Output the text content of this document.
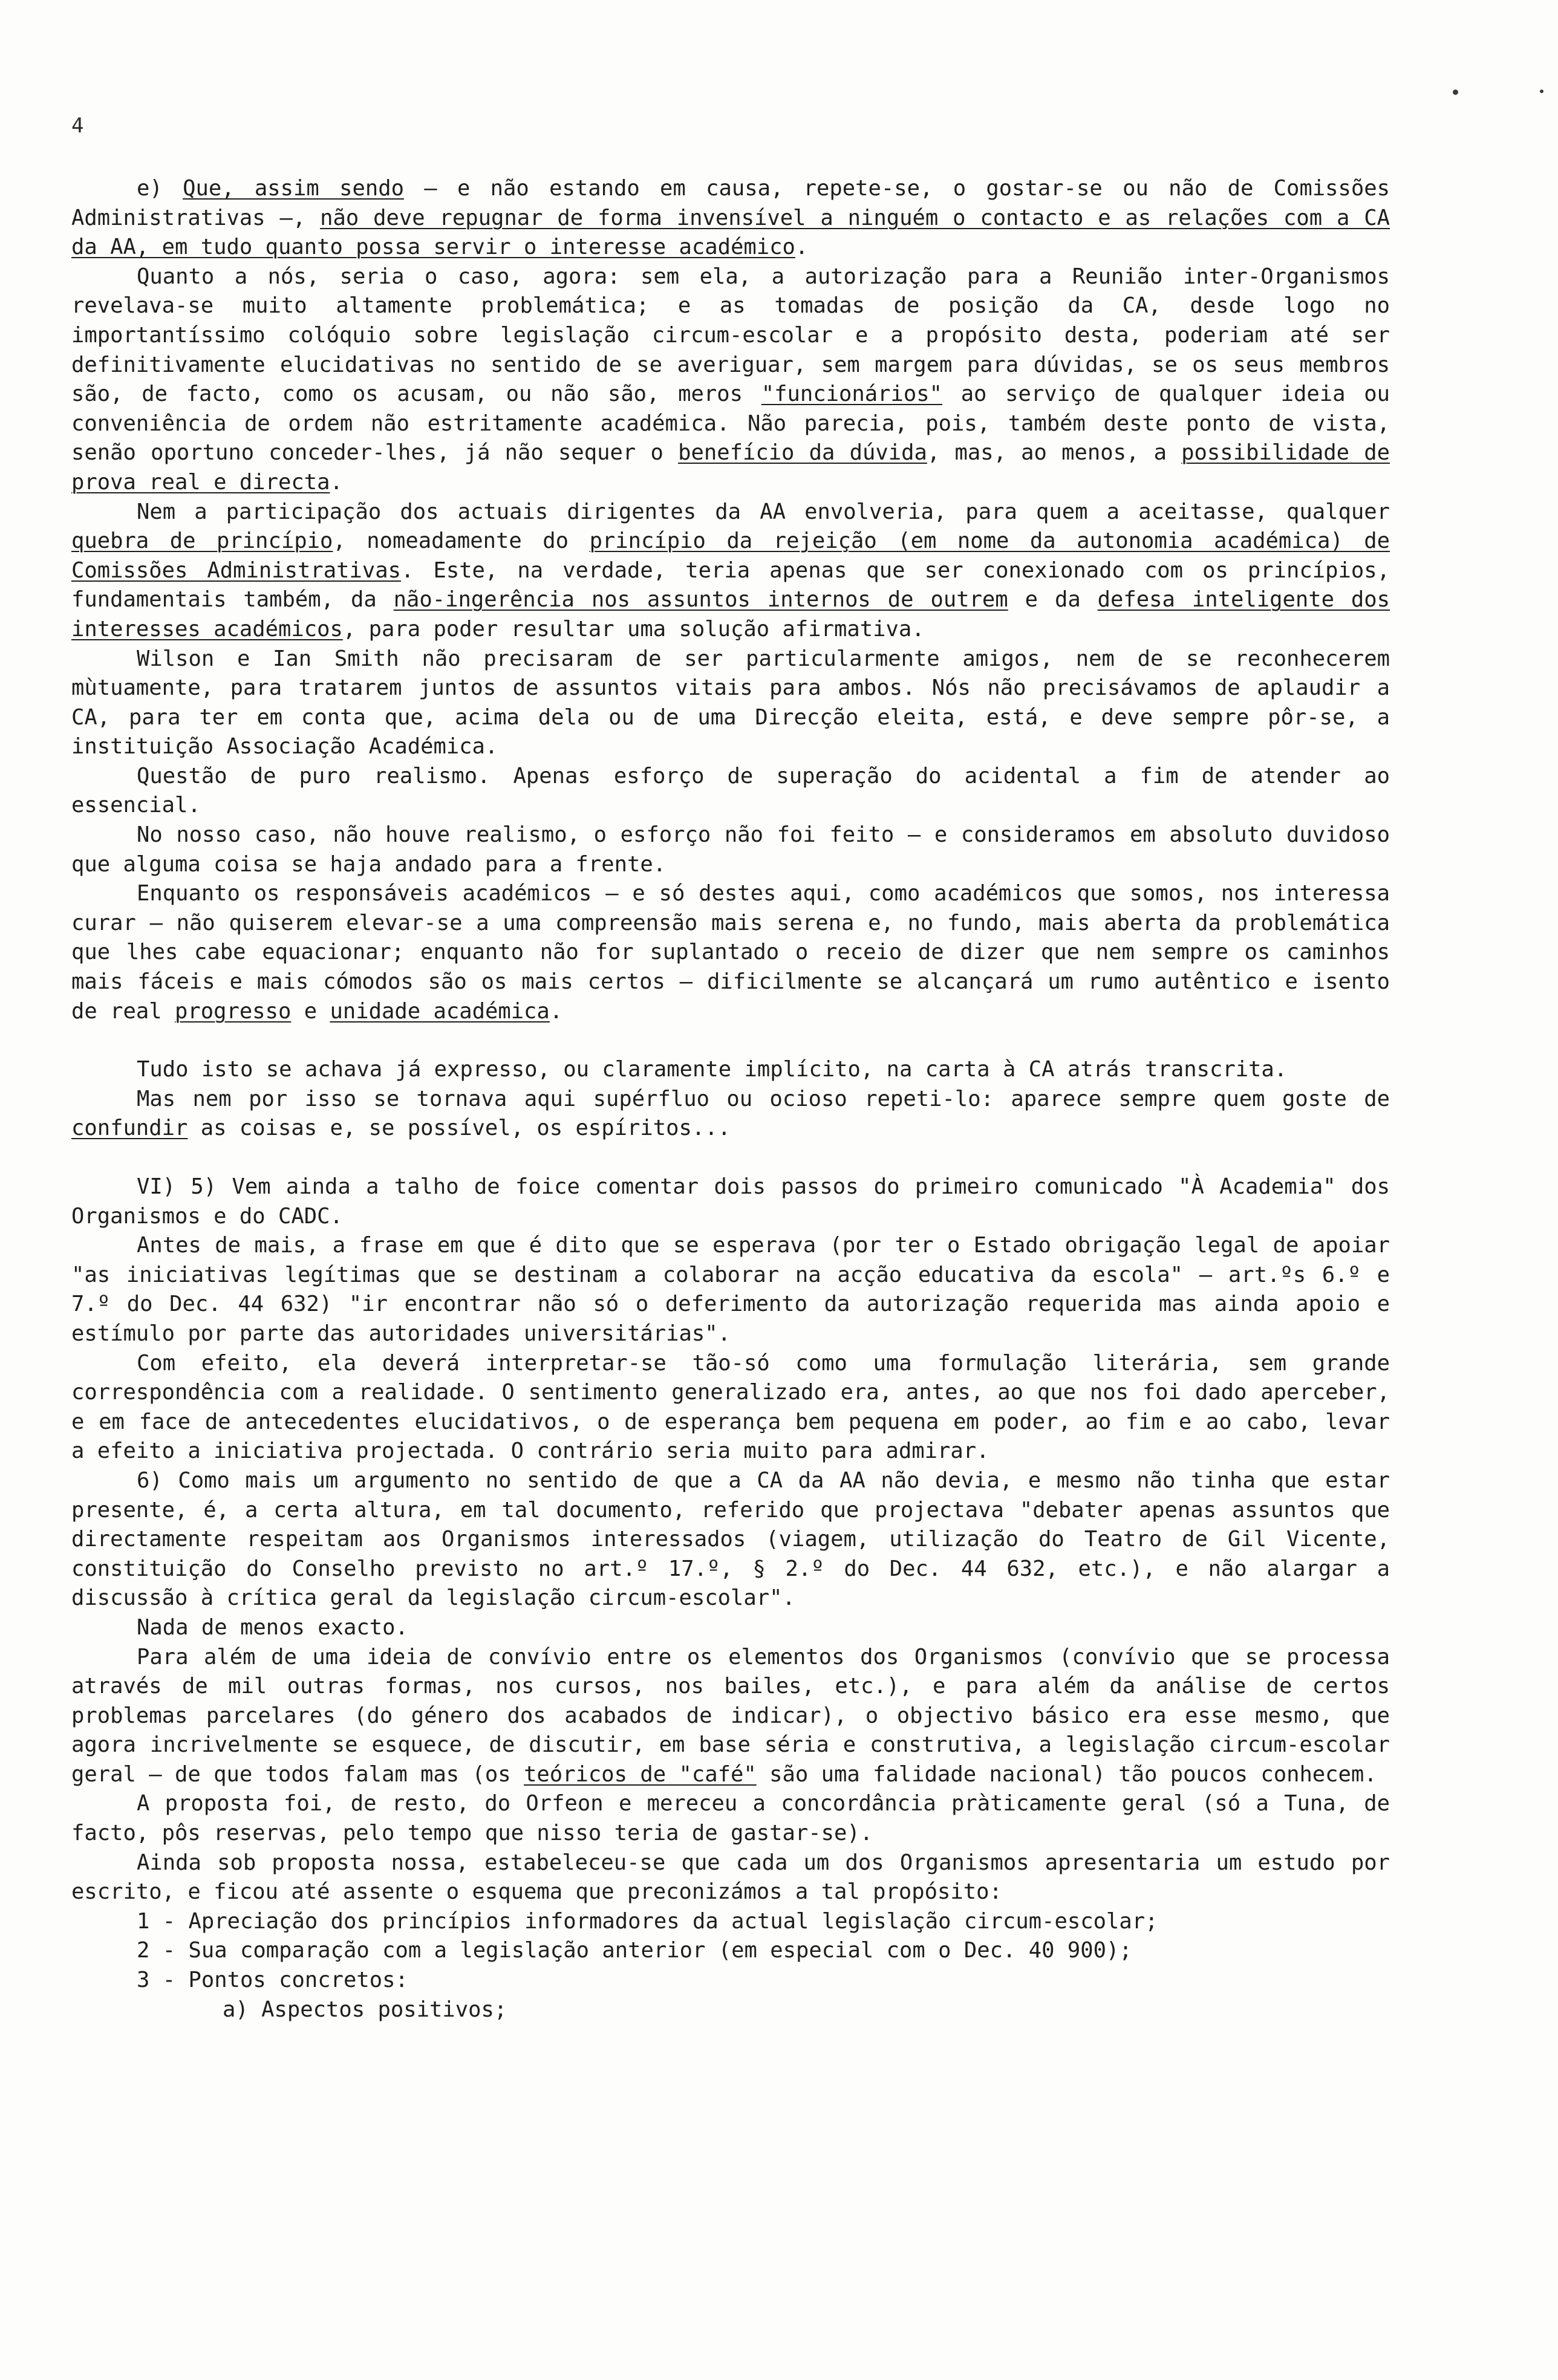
4

e) Que, assim sendo — e não estando em causa, repete-se, o gostar-se ou não de Comissões Administrativas —, não deve repugnar de forma invensível a ninguém o contacto e as relações com a CA da AA, em tudo quanto possa servir o interesse académico.

Quanto a nós, seria o caso, agora: sem ela, a autorização para a Reunião inter-Organismos revelava-se muito altamente problemática; e as tomadas de posição da CA, desde logo no importantíssimo colóquio sobre legislação circum-escolar e a propósito desta, poderiam até ser definitivamente elucidativas no sentido de se averiguar, sem margem para dúvidas, se os seus membros são, de facto, como os acusam, ou não são, meros "funcionários" ao serviço de qualquer ideia ou conveniência de ordem não estritamente académica. Não parecia, pois, também deste ponto de vista, senão oportuno conceder-lhes, já não sequer o benefício da dúvida, mas, ao menos, a possibilidade de prova real e directa.

Nem a participação dos actuais dirigentes da AA envolveria, para quem a aceitasse, qualquer quebra de princípio, nomeadamente do princípio da rejeição (em nome da autonomia académica) de Comissões Administrativas. Este, na verdade, teria apenas que ser conexionado com os princípios, fundamentais também, da não-ingerência nos assuntos internos de outrem e da defesa inteligente dos interesses académicos, para poder resultar uma solução afirmativa.

Wilson e Ian Smith não precisaram de ser particularmente amigos, nem de se reconhecerem mùtuamente, para tratarem juntos de assuntos vitais para ambos. Nós não precisávamos de aplaudir a CA, para ter em conta que, acima dela ou de uma Direcção eleita, está, e deve sempre pôr-se, a instituição Associação Académica.

Questão de puro realismo. Apenas esforço de superação do acidental a fim de atender ao essencial.

No nosso caso, não houve realismo, o esforço não foi feito — e consideramos em absoluto duvidoso que alguma coisa se haja andado para a frente.

Enquanto os responsáveis académicos — e só destes aqui, como académicos que somos, nos interessa curar — não quiserem elevar-se a uma compreensão mais serena e, no fundo, mais aberta da problemática que lhes cabe equacionar; enquanto não for suplantado o receio de dizer que nem sempre os caminhos mais fáceis e mais cómodos são os mais certos — dificilmente se alcançará um rumo autêntico e isento de real progresso e unidade académica.

Tudo isto se achava já expresso, ou claramente implícito, na carta à CA atrás transcrita.

Mas nem por isso se tornava aqui supérfluo ou ocioso repeti-lo: aparece sempre quem goste de confundir as coisas e, se possível, os espíritos...

VI) 5) Vem ainda a talho de foice comentar dois passos do primeiro comunicado "À Academia" dos Organismos e do CADC.

Antes de mais, a frase em que é dito que se esperava (por ter o Estado obrigação legal de apoiar "as iniciativas legítimas que se destinam a colaborar na acção educativa da escola" — art.ºs 6.º e 7.º do Dec. 44 632) "ir encontrar não só o deferimento da autorização requerida mas ainda apoio e estímulo por parte das autoridades universitárias".

Com efeito, ela deverá interpretar-se tão-só como uma formulação literária, sem grande correspondência com a realidade. O sentimento generalizado era, antes, ao que nos foi dado aperceber, e em face de antecedentes elucidativos, o de esperança bem pequena em poder, ao fim e ao cabo, levar a efeito a iniciativa projectada. O contrário seria muito para admirar.

6) Como mais um argumento no sentido de que a CA da AA não devia, e mesmo não tinha que estar presente, é, a certa altura, em tal documento, referido que projectava "debater apenas assuntos que directamente respeitam aos Organismos interessados (viagem, utilização do Teatro de Gil Vicente, constituição do Conselho previsto no art.º 17.º, § 2.º do Dec. 44 632, etc.), e não alargar a discussão à crítica geral da legislação circum-escolar".

Nada de menos exacto.

Para além de uma ideia de convívio entre os elementos dos Organismos (convívio que se processa através de mil outras formas, nos cursos, nos bailes, etc.), e para além da análise de certos problemas parcelares (do género dos acabados de indicar), o objectivo básico era esse mesmo, que agora incrivelmente se esquece, de discutir, em base séria e construtiva, a legislação circum-escolar geral — de que todos falam mas (os teóricos de "café" são uma falidade nacional) tão poucos conhecem.

A proposta foi, de resto, do Orfeon e mereceu a concordância pràticamente geral (só a Tuna, de facto, pôs reservas, pelo tempo que nisso teria de gastar-se).

Ainda sob proposta nossa, estabeleceu-se que cada um dos Organismos apresentaria um estudo por escrito, e ficou até assente o esquema que preconizámos a tal propósito:

1 - Apreciação dos princípios informadores da actual legislação circum-escolar;

2 - Sua comparação com a legislação anterior (em especial com o Dec. 40 900);

3 - Pontos concretos:

a) Aspectos positivos;
